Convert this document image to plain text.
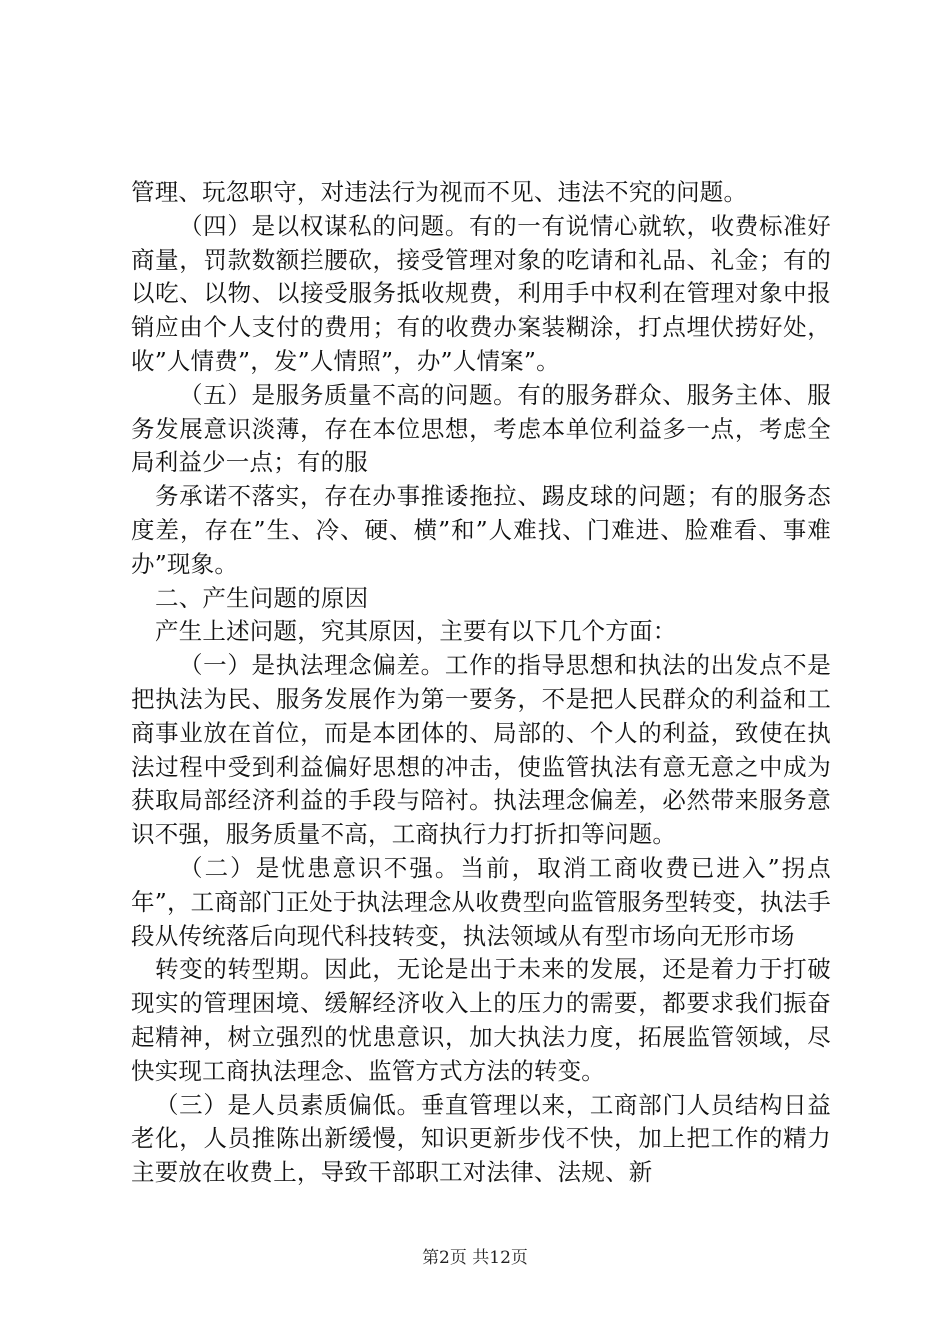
管理、玩忽职守，对违法行为视而不见、违法不究的问题。

（四）是以权谋私的问题。有的一有说情心就软，收费标准好商量，罚款数额拦腰砍，接受管理对象的吃请和礼品、礼金；有的以吃、以物、以接受服务抵收规费，利用手中权利在管理对象中报销应由个人支付的费用；有的收费办案装糊涂，打点埋伏捞好处，收”人情费”，发”人情照”，办”人情案”。

（五）是服务质量不高的问题。有的服务群众、服务主体、服务发展意识淡薄，存在本位思想，考虑本单位利益多一点，考虑全局利益少一点；有的服

务承诺不落实，存在办事推诿拖拉、踢皮球的问题；有的服务态度差，存在”生、冷、硬、横”和”人难找、门难进、脸难看、事难办”现象。

二、产生问题的原因

产生上述问题，究其原因，主要有以下几个方面：

（一）是执法理念偏差。工作的指导思想和执法的出发点不是把执法为民、服务发展作为第一要务，不是把人民群众的利益和工商事业放在首位，而是本团体的、局部的、个人的利益，致使在执法过程中受到利益偏好思想的冲击，使监管执法有意无意之中成为获取局部经济利益的手段与陪衬。执法理念偏差，必然带来服务意识不强，服务质量不高，工商执行力打折扣等问题。

（二）是忧患意识不强。当前，取消工商收费已进入”拐点年”，工商部门正处于执法理念从收费型向监管服务型转变，执法手段从传统落后向现代科技转变，执法领域从有型市场向无形市场

转变的转型期。因此，无论是出于未来的发展，还是着力于打破现实的管理困境、缓解经济收入上的压力的需要，都要求我们振奋起精神，树立强烈的忧患意识，加大执法力度，拓展监管领域，尽快实现工商执法理念、监管方式方法的转变。

（三）是人员素质偏低。垂直管理以来，工商部门人员结构日益老化，人员推陈出新缓慢，知识更新步伐不快，加上把工作的精力主要放在收费上，导致干部职工对法律、法规、新

第2页 共12页
